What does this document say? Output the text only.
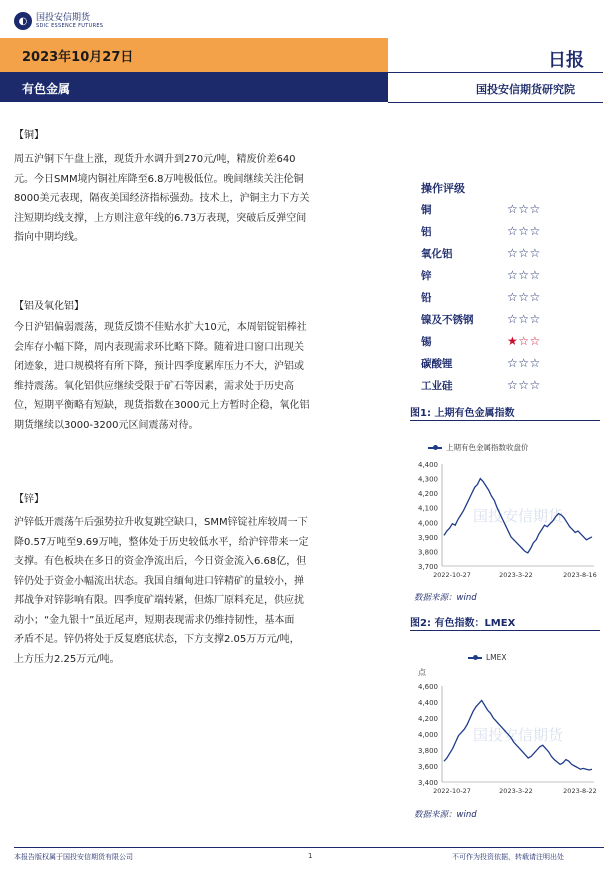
◐ 国投安信期货
SDIC ESSENCE FUTURES
2023年10月27日
有色金属
日报
国投安信期货研究院
【铜】
周五沪铜下午盘上涨，现货升水调升到270元/吨，精废价差640
元。今日SMM境内铜社库降至6.8万吨极低位。晚间继续关注伦铜
8000美元表现，隔夜美国经济指标强劲。技术上，沪铜主力下方关
注短期均线支撑，上方则注意年线的6.73万表现，突破后反弹空间
指向中期均线。
【铝及氧化铝】
今日沪铝偏弱震荡，现货反馈不佳贴水扩大10元，本周铝锭铝棒社
会库存小幅下降，周内表现需求环比略下降。随着进口窗口出现关
闭迹象，进口规模将有所下降，预计四季度累库压力不大，沪铝或
维持震荡。氧化铝供应继续受限于矿石等因素，需求处于历史高
位，短期平衡略有短缺，现货指数在3000元上方暂时企稳，氧化铝
期货继续以3000-3200元区间震荡对待。
【锌】
沪锌低开震荡午后强势拉升收复跳空缺口，SMM锌锭社库较周一下
降0.57万吨至9.69万吨，整体处于历史较低水平，给沪锌带来一定
支撑。有色板块在多日的资金净流出后，今日资金流入6.68亿，但
锌仍处于资金小幅流出状态。我国自缅甸进口锌精矿的量较小，掸
邦战争对锌影响有限。四季度矿端转紧，但炼厂原料充足，供应扰
动小；“金九银十”虽近尾声，短期表现需求仍维持韧性，基本面
矛盾不足。锌仍将处于反复磨底状态，下方支撑2.05万万元/吨，
上方压力2.25万元/吨。
操作评级
铜	☆☆☆
铝	☆☆☆
氧化铝	☆☆☆
锌	☆☆☆
铅	☆☆☆
镍及不锈钢	☆☆☆
锡	★☆☆
碳酸锂	☆☆☆
工业硅	☆☆☆
图1: 上期有色金属指数
上期有色金属指数收盘价
国投安信期货
3,700
3,800
3,900
4,000
4,100
4,200
4,300
4,400
2022-10-27	2023-3-22	2023-8-16
数据来源：wind
图2: 有色指数：LMEX
LMEX
点
国投安信期货
3,400
3,600
3,800
4,000
4,200
4,400
4,600
2022-10-27	2023-3-22	2023-8-22
数据来源：wind
本报告版权属于国投安信期货有限公司	1	不可作为投资依据，转载请注明出处
